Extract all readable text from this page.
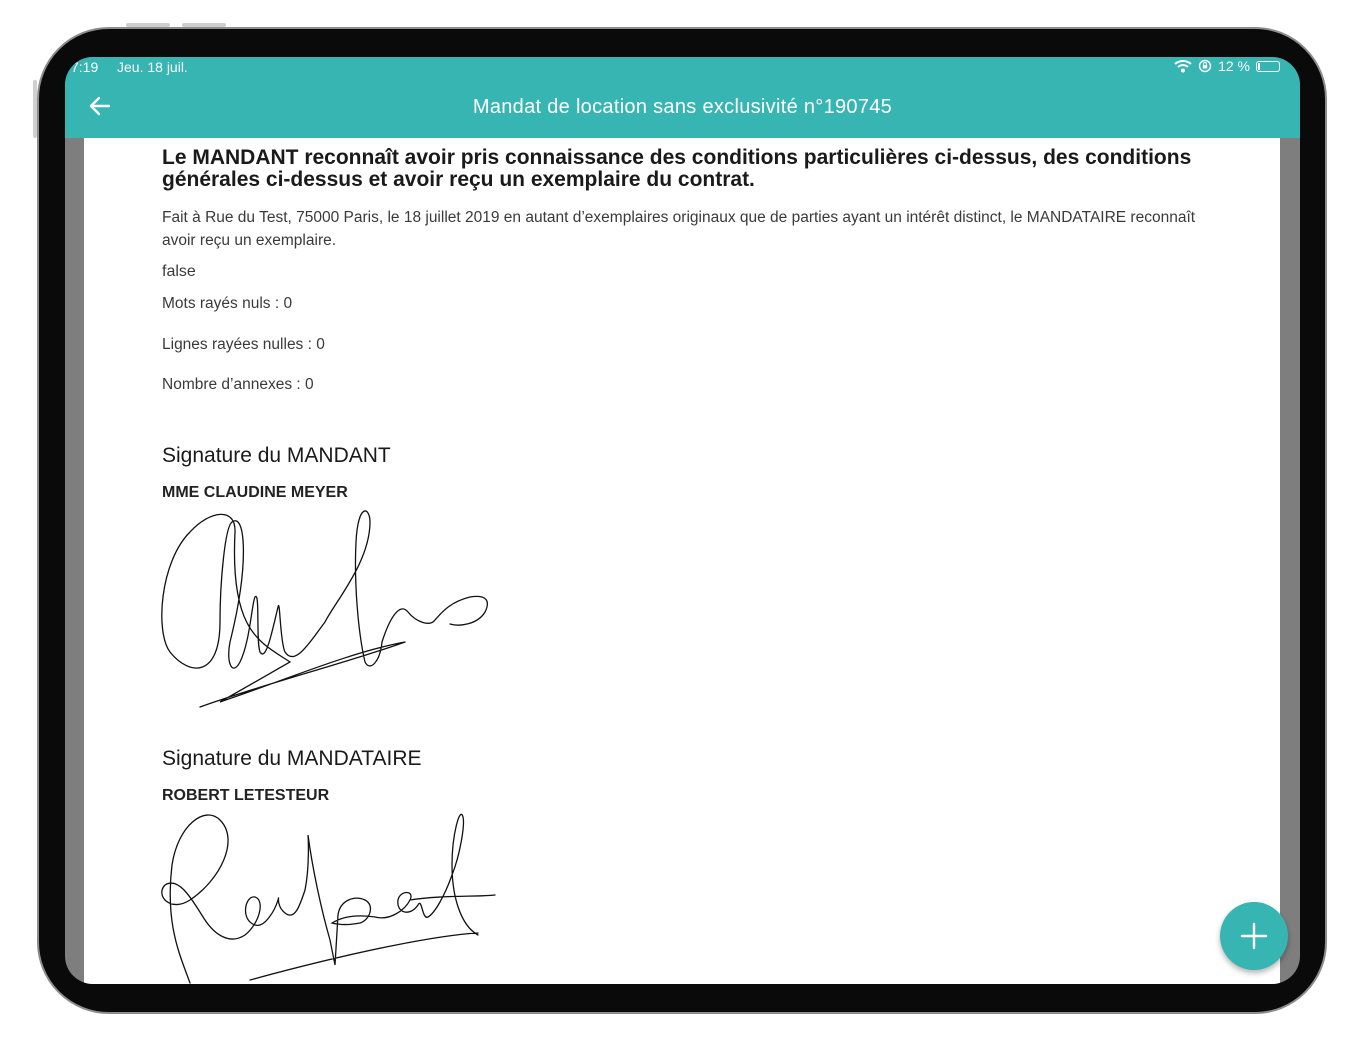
7:19 Jeu. 18 juil.	12 %
Mandat de location sans exclusivité n°190745

Le MANDANT reconnaît avoir pris connaissance des conditions particulières ci-dessus, des conditions générales ci-dessus et avoir reçu un exemplaire du contrat.

Fait à Rue du Test, 75000 Paris, le 18 juillet 2019 en autant d’exemplaires originaux que de parties ayant un intérêt distinct, le MANDATAIRE reconnaît avoir reçu un exemplaire.

false

Mots rayés nuls : 0

Lignes rayées nulles : 0

Nombre d’annexes : 0

Signature du MANDANT

MME CLAUDINE MEYER

Signature du MANDATAIRE

ROBERT LETESTEUR
